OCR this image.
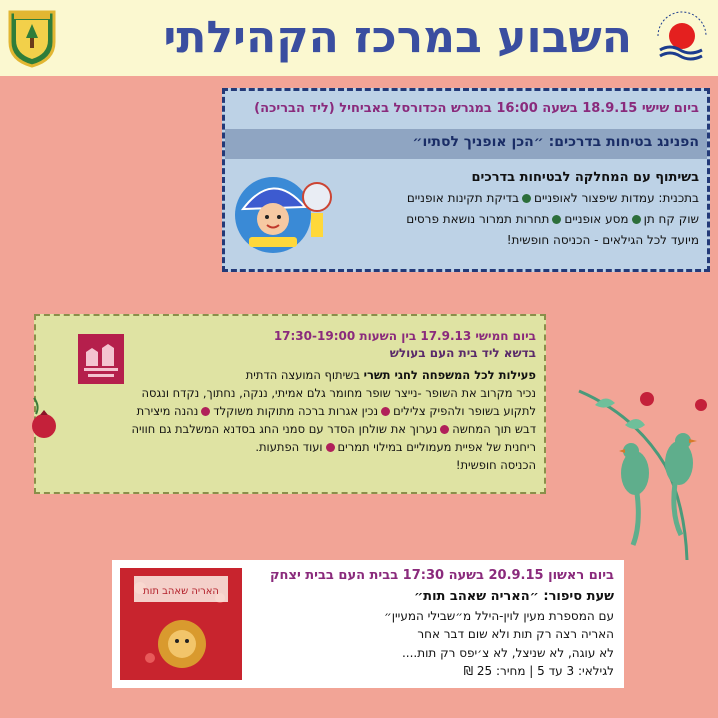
השבוע במרכז הקהילתי
ביום שישי 18.9.15 בשעה 16:00 במגרש הכדורסל באביחיל (ליד הבריכה)
הפנינג בטיחות בדרכים: ״הכן אופניך לסתיו״
בשיתוף עם המחלקה לבטיחות בדרכים
בתכנית: עמדות שיפצור לאופנייםבדיקת תקינות אופניים
שוק קח תןמסע אופנייםתחרות תמרור נושאת פרסים
מיועד לכל הגילאים - הכניסה חופשית!
ביום חמישי 17.9.13 בין השעות 17:30-19:00
בדשא ליד בית העם בעולש
פעילות לכל המשפחה לחגי תשרי בשיתוף המועצה הדתית
נכיר מקרוב את השופר -נייצר שופר מחומר גלם אמיתי, ננקה, נחתוך, נקדח ונגסה
לתקוע בשופר ולהפיק צליליםנכין אגרות ברכה מתוקות משוקלדנהנה מיצירת
דבש תוך המחשהנערוך את שולחן הסדר עם סמני החג בסדנא המשלבת גם חוויה
ריחנית של אפיית מעמוליים במילוי תמריםועוד הפתעות.
הכניסה חופשית!
ביום ראשון 20.9.15 בשעה 17:30 בבית העם בבית יצחק
שעת סיפור: ״האריה שאהב תות״
עם המספרת מעין לוין-הילל מ״שבילי המעיין״
האריה רצה רק תות ולא שום דבר אחר
לא עוגה, לא שניצל, לא צ׳יפס רק תות....
לגילאי: 3 עד 5 | מחיר: 25 ₪
האריה שאהב תות
